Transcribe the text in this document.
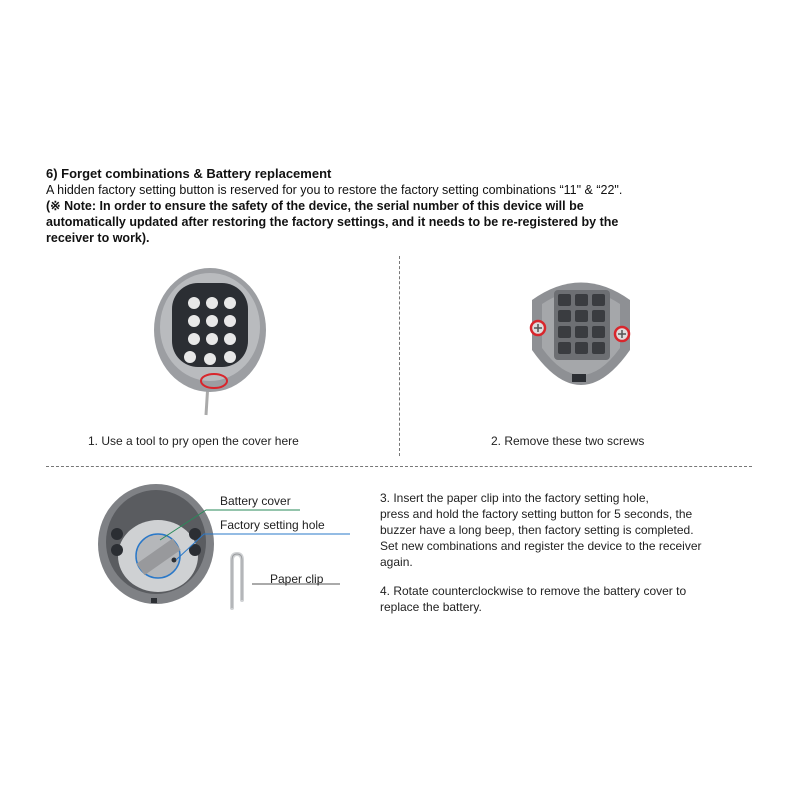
6) Forget combinations & Battery replacement

A hidden factory setting button is reserved for you to restore the factory setting combinations “11" & “22".

(※ Note: In order to ensure the safety of the device, the serial number of this device will be

automatically updated after restoring the factory settings, and it needs to be re-registered by the

receiver to work).

1. Use a tool to pry open the cover here	2. Remove these two screws
Battery cover
Factory setting hole
Paper clip

3. Insert the paper clip into the factory setting hole,

press and hold the factory setting button for 5 seconds, the

buzzer have a long beep, then factory setting is completed.

Set new combinations and register the device to the receiver

again.

4. Rotate counterclockwise to remove the battery cover to

replace the battery.
